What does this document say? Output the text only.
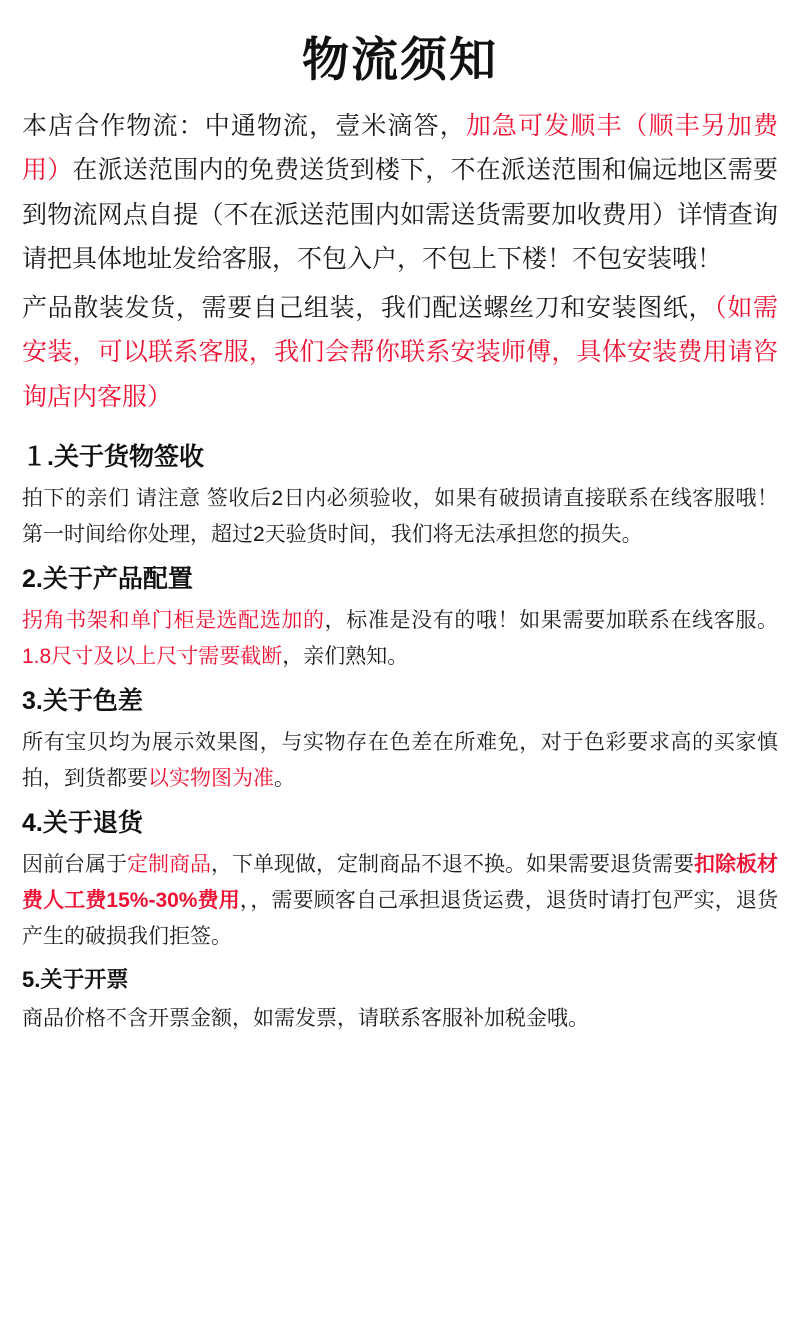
物流须知

本店合作物流：中通物流，壹米滴答，加急可发顺丰（顺丰另加费用）在派送范围内的免费送货到楼下，不在派送范围和偏远地区需要到物流网点自提（不在派送范围内如需送货需要加收费用）详情查询请把具体地址发给客服，不包入户，不包上下楼！不包安装哦！

产品散装发货，需要自己组装，我们配送螺丝刀和安装图纸，（如需安装，可以联系客服，我们会帮你联系安装师傅，具体安装费用请咨询店内客服）

１.关于货物签收

拍下的亲们 请注意 签收后2日内必须验收，如果有破损请直接联系在线客服哦！第一时间给你处理，超过2天验货时间，我们将无法承担您的损失。

2.关于产品配置

拐角书架和单门柜是选配选加的，标准是没有的哦！如果需要加联系在线客服。1.8尺寸及以上尺寸需要截断，亲们熟知。

3.关于色差

所有宝贝均为展示效果图，与实物存在色差在所难免，对于色彩要求高的买家慎拍，到货都要以实物图为准。

4.关于退货

因前台属于定制商品，下单现做，定制商品不退不换。如果需要退货需要扣除板材费人工费15%-30%费用，，需要顾客自己承担退货运费，退货时请打包严实，退货产生的破损我们拒签。

5.关于开票

商品价格不含开票金额，如需发票，请联系客服补加税金哦。
